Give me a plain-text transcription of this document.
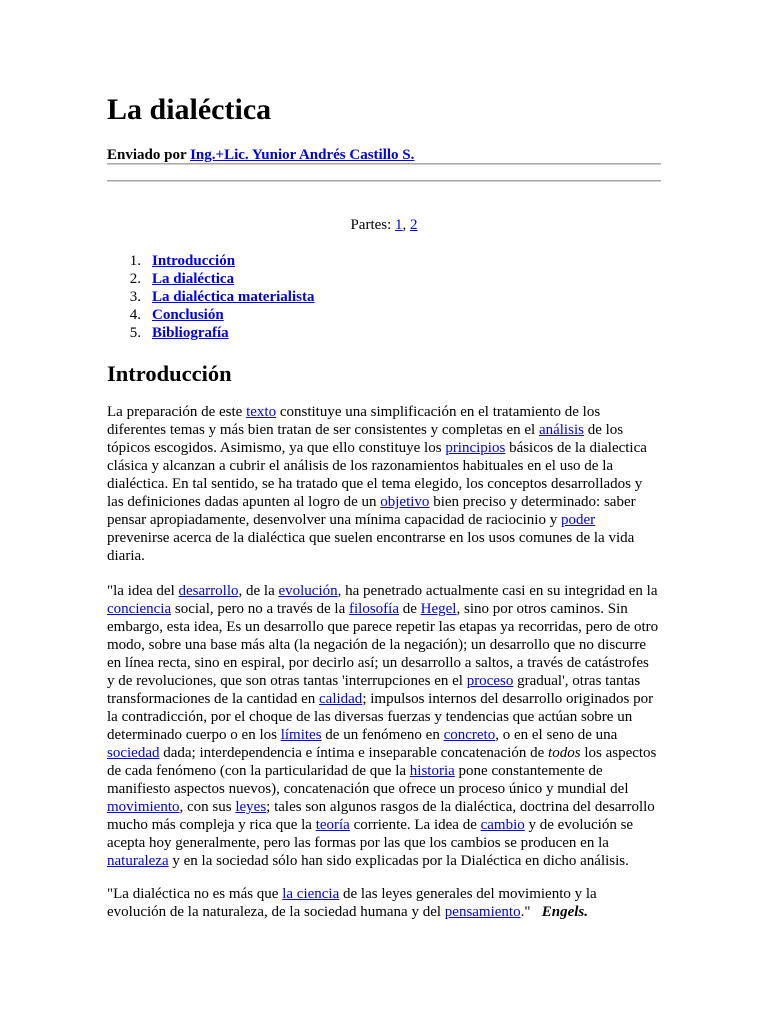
La dialéctica
Enviado por Ing.+Lic. Yunior Andrés Castillo S.
Partes: 1, 2
1. Introducción
2. La dialéctica
3. La dialéctica materialista
4. Conclusión
5. Bibliografía
Introducción
La preparación de este texto constituye una simplificación en el tratamiento de los
diferentes temas y más bien tratan de ser consistentes y completas en el análisis de los
tópicos escogidos. Asimismo, ya que ello constituye los principios básicos de la dialectica
clásica y alcanzan a cubrir el análisis de los razonamientos habituales en el uso de la
dialéctica. En tal sentido, se ha tratado que el tema elegido, los conceptos desarrollados y
las definiciones dadas apunten al logro de un objetivo bien preciso y determinado: saber
pensar apropiadamente, desenvolver una mínima capacidad de raciocinio y poder
prevenirse acerca de la dialéctica que suelen encontrarse en los usos comunes de la vida
diaria.
"la idea del desarrollo, de la evolución, ha penetrado actualmente casi en su integridad en la
conciencia social, pero no a través de la filosofía de Hegel, sino por otros caminos. Sin
embargo, esta idea, Es un desarrollo que parece repetir las etapas ya recorridas, pero de otro
modo, sobre una base más alta (la negación de la negación); un desarrollo que no discurre
en línea recta, sino en espiral, por decirlo así; un desarrollo a saltos, a través de catástrofes
y de revoluciones, que son otras tantas 'interrupciones en el proceso gradual', otras tantas
transformaciones de la cantidad en calidad; impulsos internos del desarrollo originados por
la contradicción, por el choque de las diversas fuerzas y tendencias que actúan sobre un
determinado cuerpo o en los límites de un fenómeno en concreto, o en el seno de una
sociedad dada; interdependencia e íntima e inseparable concatenación de todos los aspectos
de cada fenómeno (con la particularidad de que la historia pone constantemente de
manifiesto aspectos nuevos), concatenación que ofrece un proceso único y mundial del
movimiento, con sus leyes; tales son algunos rasgos de la dialéctica, doctrina del desarrollo
mucho más compleja y rica que la teoría corriente. La idea de cambio y de evolución se
acepta hoy generalmente, pero las formas por las que los cambios se producen en la
naturaleza y en la sociedad sólo han sido explicadas por la Dialéctica en dicho análisis.
"La dialéctica no es más que la ciencia de las leyes generales del movimiento y la
evolución de la naturaleza, de la sociedad humana y del pensamiento."   Engels.
